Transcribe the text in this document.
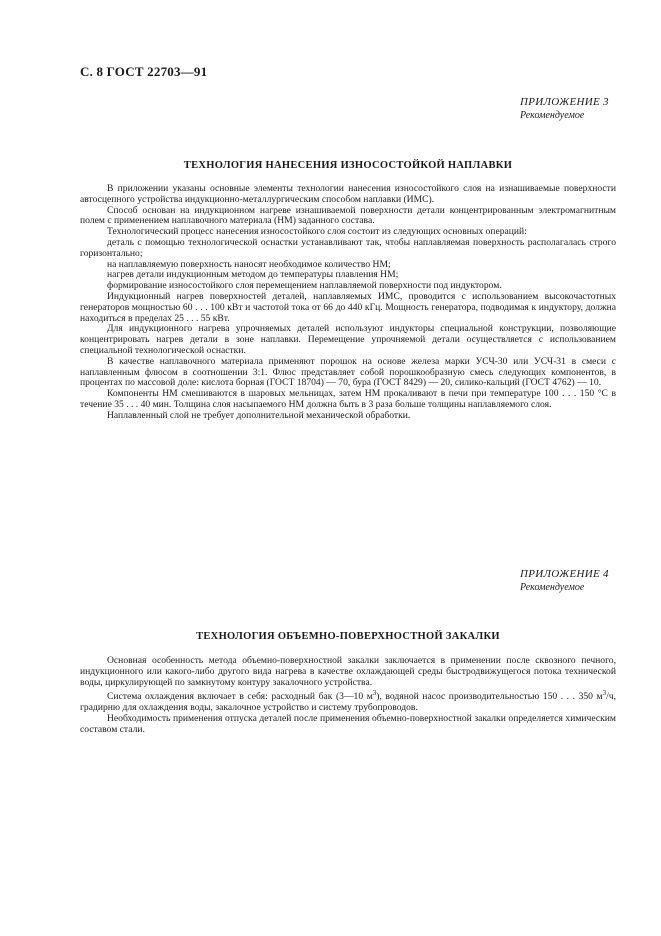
С. 8 ГОСТ 22703—91
ПРИЛОЖЕНИЕ 3
Рекомендуемое
ТЕХНОЛОГИЯ НАНЕСЕНИЯ ИЗНОСОСТОЙКОЙ НАПЛАВКИ

В приложении указаны основные элементы технологии нанесения износостойкого слоя на изнашиваемые поверхности автосцепного устройства индукционно-металлургическим способом наплавки (ИМС).

Способ основан на индукционном нагреве изнашиваемой поверхности детали концентрированным электромагнитным полем с применением наплавочного материала (НМ) заданного состава.

Технологический процесс нанесения износостойкого слоя состоит из следующих основных операций:

деталь с помощью технологической оснастки устанавливают так, чтобы наплавляемая поверхность располагалась строго горизонтально;

на наплавляемую поверхность наносят необходимое количество НМ;

нагрев детали индукционным методом до температуры плавления НМ;

формирование износостойкого слоя перемещением наплавляемой поверхности под индуктором.

Индукционный нагрев поверхностей деталей, наплавляемых ИМС, проводится с использованием высокочастотных генераторов мощностью 60 . . . 100 кВт и частотой тока от 66 до 440 кГц. Мощность генератора, подводимая к индуктору, должна находиться в пределах 25 . . . 55 кВт.

Для индукционного нагрева упрочняемых деталей используют индукторы специальной конструкции, позволяющие концентрировать нагрев детали в зоне наплавки. Перемещение упрочняемой детали осуществляется с использованием специальной технологической оснастки.

В качестве наплавочного материала применяют порошок на основе железа марки УСЧ-30 или УСЧ-31 в смеси с наплавленным флюсом в соотношении 3:1. Флюс представляет собой порошкообразную смесь следующих компонентов, в процентах по массовой доле: кислота борная (ГОСТ 18704) — 70, бура (ГОСТ 8429) — 20, силико-кальций (ГОСТ 4762) — 10.

Компоненты НМ смешиваются в шаровых мельницах, затем НМ прокаливают в печи при температуре 100 . . . 150 °С в течение 35 . . . 40 мин. Толщина слоя насыпаемого НМ должна быть в 3 раза больше толщины наплавляемого слоя.

Наплавленный слой не требует дополнительной механической обработки.

ПРИЛОЖЕНИЕ 4
Рекомендуемое
ТЕХНОЛОГИЯ ОБЪЕМНО-ПОВЕРХНОСТНОЙ ЗАКАЛКИ

Основная особенность метода объемно-поверхностной закалки заключается в применении после сквозного печного, индукционного или какого-либо другого вида нагрева в качестве охлаждающей среды быстродвижущегося потока технической воды, циркулирующей по замкнутому контуру закалочного устройства.

Система охлаждения включает в себя: расходный бак (3—10 $м^3$), водяной насос производительностью 150 . . . 350 $м^3/ч$, градирню для охлаждения воды, закалочное устройство и систему трубопроводов.

Необходимость применения отпуска деталей после применения объемно-поверхностной закалки определяется химическим составом стали.
